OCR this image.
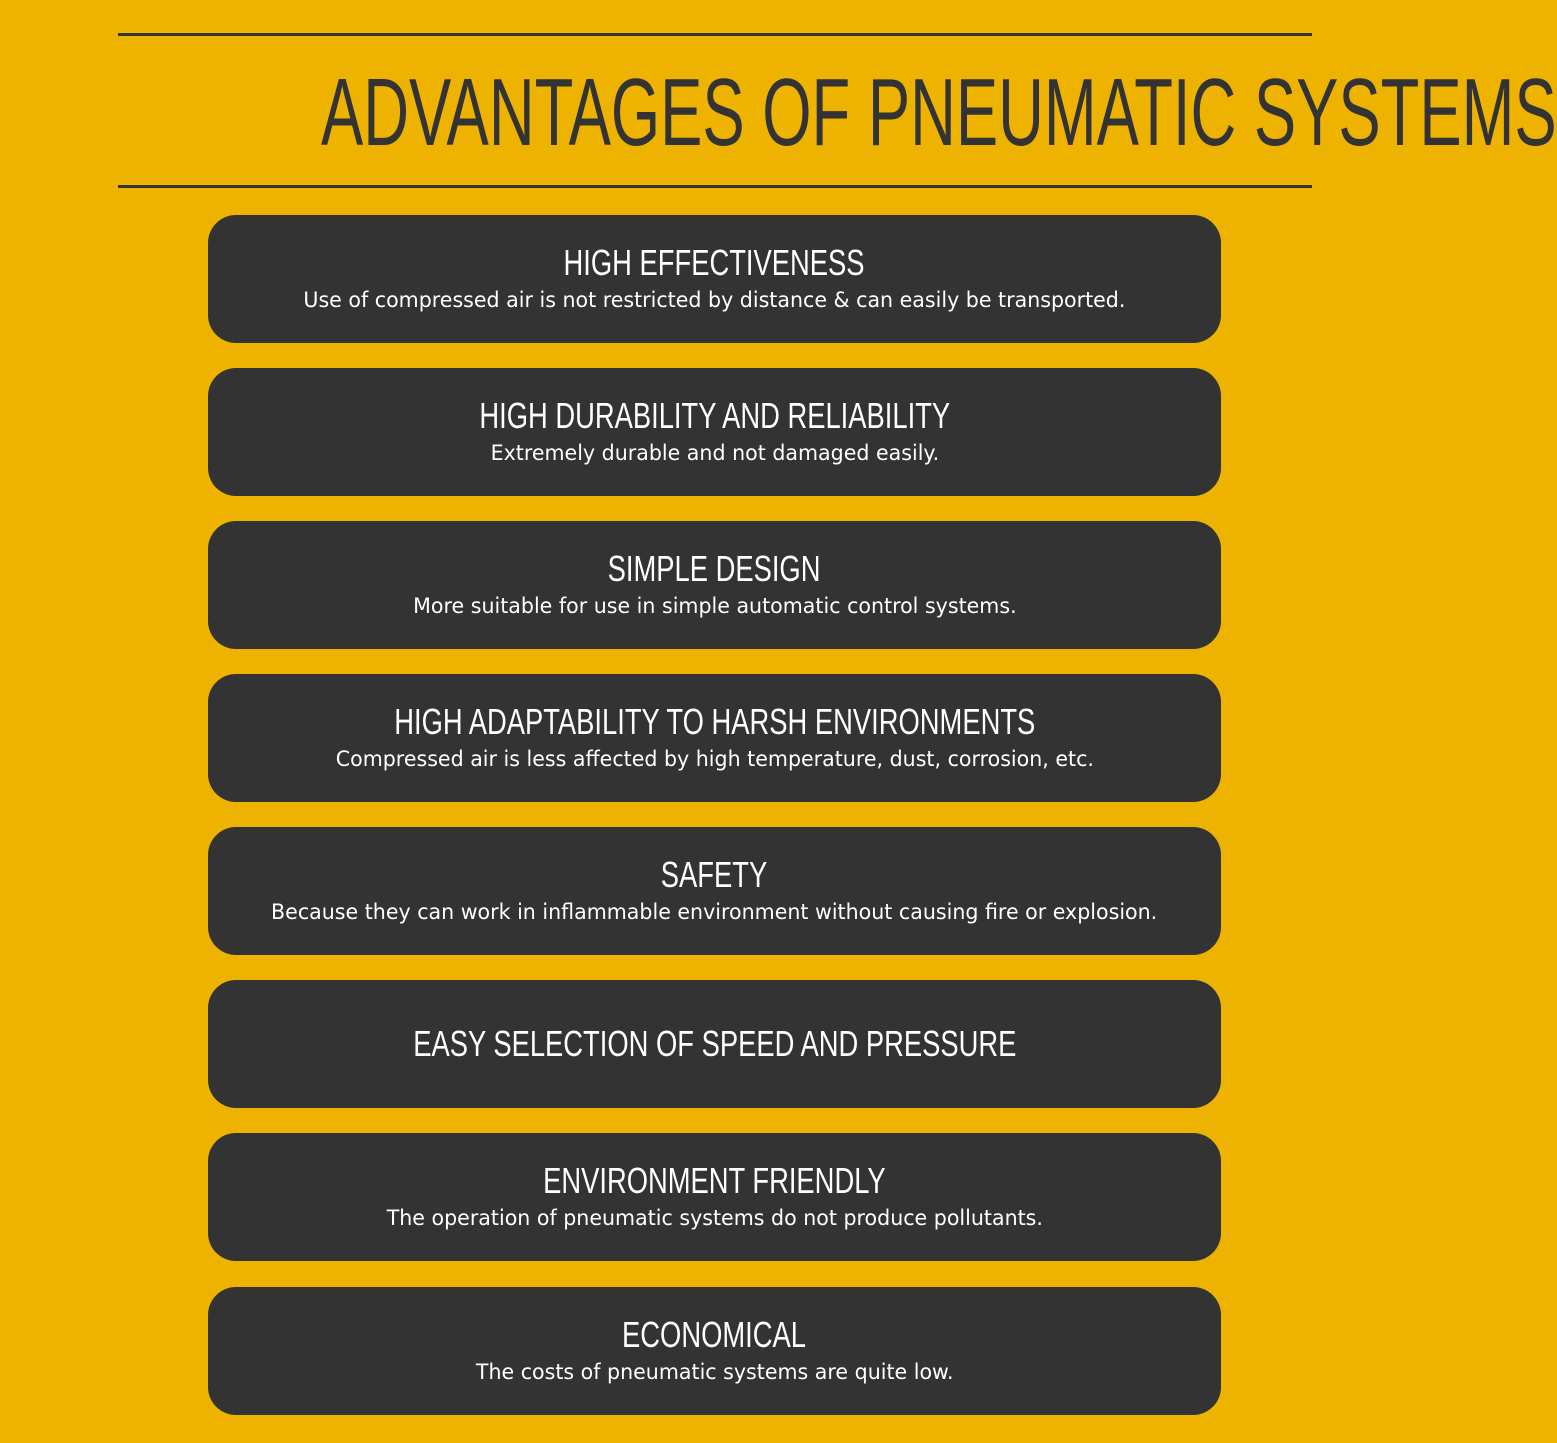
ADVANTAGES OF PNEUMATIC SYSTEMS
HIGH EFFECTIVENESS
Use of compressed air is not restricted by distance & can easily be transported.
HIGH DURABILITY AND RELIABILITY
Extremely durable and not damaged easily.
SIMPLE DESIGN
More suitable for use in simple automatic control systems.
HIGH ADAPTABILITY TO HARSH ENVIRONMENTS
Compressed air is less affected by high temperature, dust, corrosion, etc.
SAFETY
Because they can work in inflammable environment without causing fire or explosion.
EASY SELECTION OF SPEED AND PRESSURE
ENVIRONMENT FRIENDLY
The operation of pneumatic systems do not produce pollutants.
ECONOMICAL
The costs of pneumatic systems are quite low.
